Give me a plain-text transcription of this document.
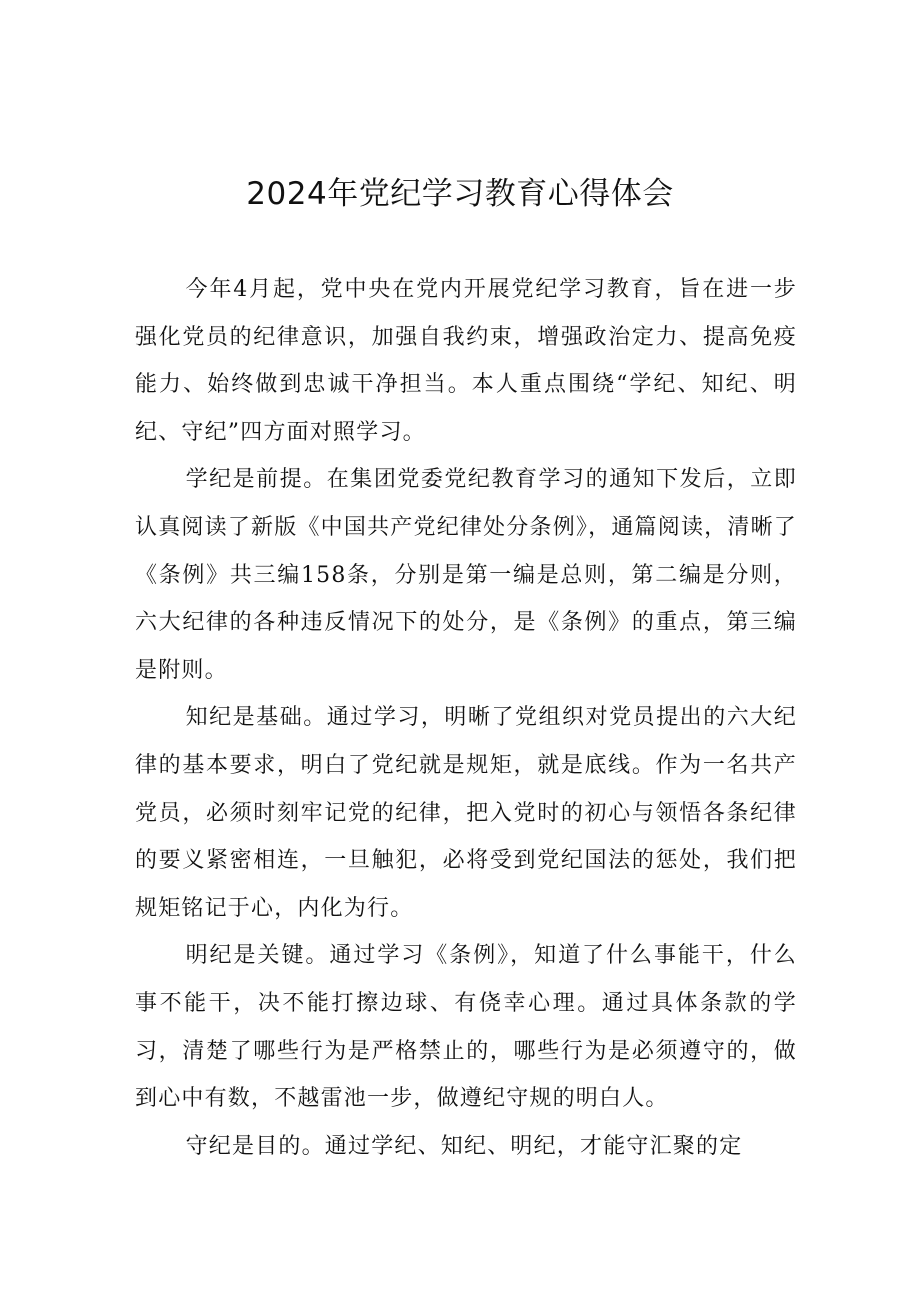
2024年党纪学习教育心得体会

今年4月起，党中央在党内开展党纪学习教育，旨在进一步强化党员的纪律意识，加强自我约束，增强政治定力、提高免疫能力、始终做到忠诚干净担当。本人重点围绕“学纪、知纪、明纪、守纪”四方面对照学习。

学纪是前提。在集团党委党纪教育学习的通知下发后，立即认真阅读了新版《中国共产党纪律处分条例》，通篇阅读，清晰了《条例》共三编158条，分别是第一编是总则，第二编是分则，六大纪律的各种违反情况下的处分，是《条例》的重点，第三编是附则。

知纪是基础。通过学习，明晰了党组织对党员提出的六大纪律的基本要求，明白了党纪就是规矩，就是底线。作为一名共产党员，必须时刻牢记党的纪律，把入党时的初心与领悟各条纪律的要义紧密相连，一旦触犯，必将受到党纪国法的惩处，我们把规矩铭记于心，内化为行。

明纪是关键。通过学习《条例》，知道了什么事能干，什么事不能干，决不能打擦边球、有侥幸心理。通过具体条款的学习，清楚了哪些行为是严格禁止的，哪些行为是必须遵守的，做到心中有数，不越雷池一步，做遵纪守规的明白人。

守纪是目的。通过学纪、知纪、明纪，才能守汇聚的定
